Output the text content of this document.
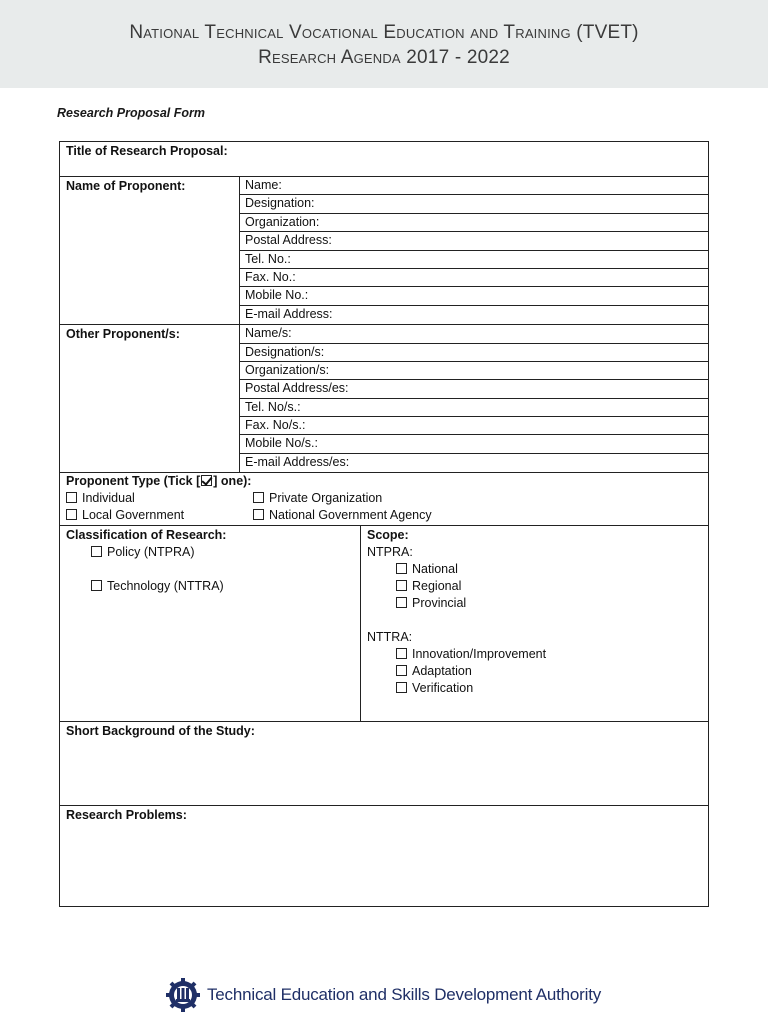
National Technical Vocational Education and Training (TVET)
Research Agenda 2017 - 2022
Research Proposal Form
Title of Research Proposal:
Name of Proponent:	Name:
Designation:
Organization:
Postal Address:
Tel. No.:
Fax. No.:
Mobile No.:
E-mail Address:
Other Proponent/s:	Name/s:
Designation/s:
Organization/s:
Postal Address/es:
Tel. No/s.:
Fax. No/s.:
Mobile No/s.:
E-mail Address/es:
Proponent Type (Tick [ ] one):
Individual	Private Organization
Local Government	National Government Agency
Classification of Research:
Policy (NTPRA)
Technology (NTTRA)
Scope:
NTPRA:
National
Regional
Provincial
NTTRA:
Innovation/Improvement
Adaptation
Verification
Short Background of the Study:
Research Problems:
Technical Education and Skills Development Authority
